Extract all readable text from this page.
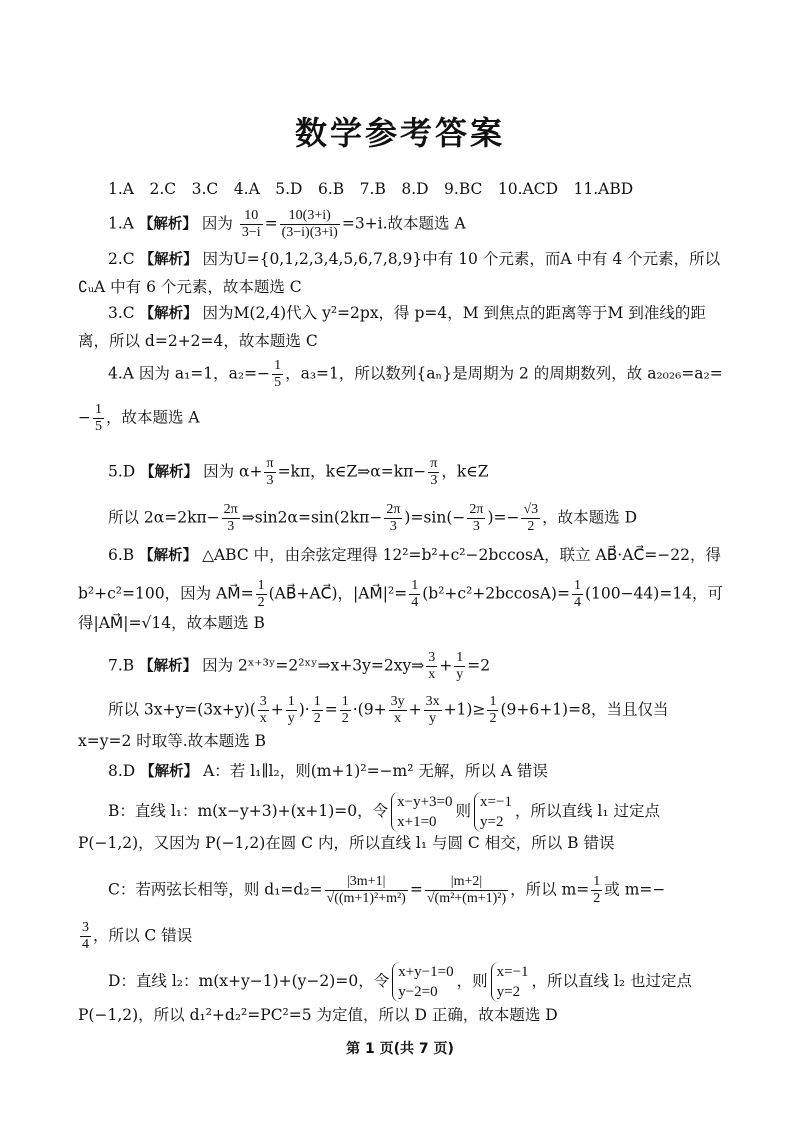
数学参考答案
1.A　2.C　3.C　4.A　5.D　6.B　7.B　8.D　9.BC　10.ACD　11.ABD
1.A 【解析】 因为 $\frac{10}{3-i} = \frac{10(3+i)}{(3-i)(3+i)} =3+i$.故本题选 A
2.C 【解析】 因为U={0,1,2,3,4,5,6,7,8,9}中有 10 个元素，而A 中有 4 个元素，所以
∁ᵤA 中有 6 个元素，故本题选 C
3.C 【解析】 因为M(2,4)代入 y²=2px，得 p=4，M 到焦点的距离等于M 到准线的距
离，所以 d=2+2=4，故本题选 C
4.A 因为 a₁=1，$a_2=- \frac{1}{5}$ ，a₃=1，所以数列{aₙ}是周期为 2 的周期数列，故 a₂₀₂₆=a₂=
− $\frac{1}{5}$ ，故本题选 A
5.D 【解析】 因为 $\alpha+ \frac{\pi}{3} =k\pi$，k∈Z⇒α=kπ− $\frac{\pi}{3}$ ，k∈Z
所以 $2\alpha=2k\pi- \frac{2\pi}{3}$ ⇒sin2α=sin(2kπ− $\frac{2\pi}{3} )=\sin(- \frac{2\pi}{3}$ )=− $\frac{√3}{2}$ ，故本题选 D
6.B 【解析】 △ABC 中，由余弦定理得 12²=b²+c²−2bccosA，联立 AB⃗·AC⃗=−22，得
b²+c²=100，因为 AM⃗= $\frac{1}{2}$ (AB⃗+AC⃗)，|AM⃗|²= $\frac{1}{4} (b^2+c^2+2bccosA)= \frac{1}{4} (100-44)=14$，可
得|AM⃗|=√14，故本题选 B
7.B 【解析】 因为 2ˣ⁺³ʸ=2²ˣʸ⇒x+3y=2xy⇒ $\frac{3}{x} + \frac{1}{y} =2$
所以 $3x+y=(3x+y)( \frac{3}{x} + \frac{1}{y}$ )· $\frac{1}{2} = \frac{1}{2} \cdot(9+ \frac{3y}{x} + \frac{3x}{y} +1)\ge \frac{1}{2} (9+6+1)=8$，当且仅当
x=y=2 时取等.故本题选 B
8.D 【解析】 A：若 l₁∥l₂，则(m+1)²=−m² 无解，所以 A 错误
B：直线 l₁：m(x−y+3)+(x+1)=0，令 x−y+3=0
x+1=0则 x=−1
y=2，所以直线 l₁ 过定点
P(−1,2)，又因为 P(−1,2)在圆 C 内，所以直线 l₁ 与圆 C 相交，所以 B 错误
C：若两弦长相等，则 $d_1=d_2= \frac{|3m+1|}{\text{√((m+1)²+m²)}} = \frac{|m+2|}{\text{√(m²+(m+1)²)}}$ ，所以 $m= \frac{1}{2}$ 或 m=−
$\frac{3}{4}$ ，所以 C 错误
D：直线 l₂：m(x+y−1)+(y−2)=0，令 x+y−1=0
y−2=0，则 x=−1
y=2，所以直线 l₂ 也过定点
P(−1,2)，所以 d₁²+d₂²=PC²=5 为定值，所以 D 正确，故本题选 D
第 1 页(共 7 页)
